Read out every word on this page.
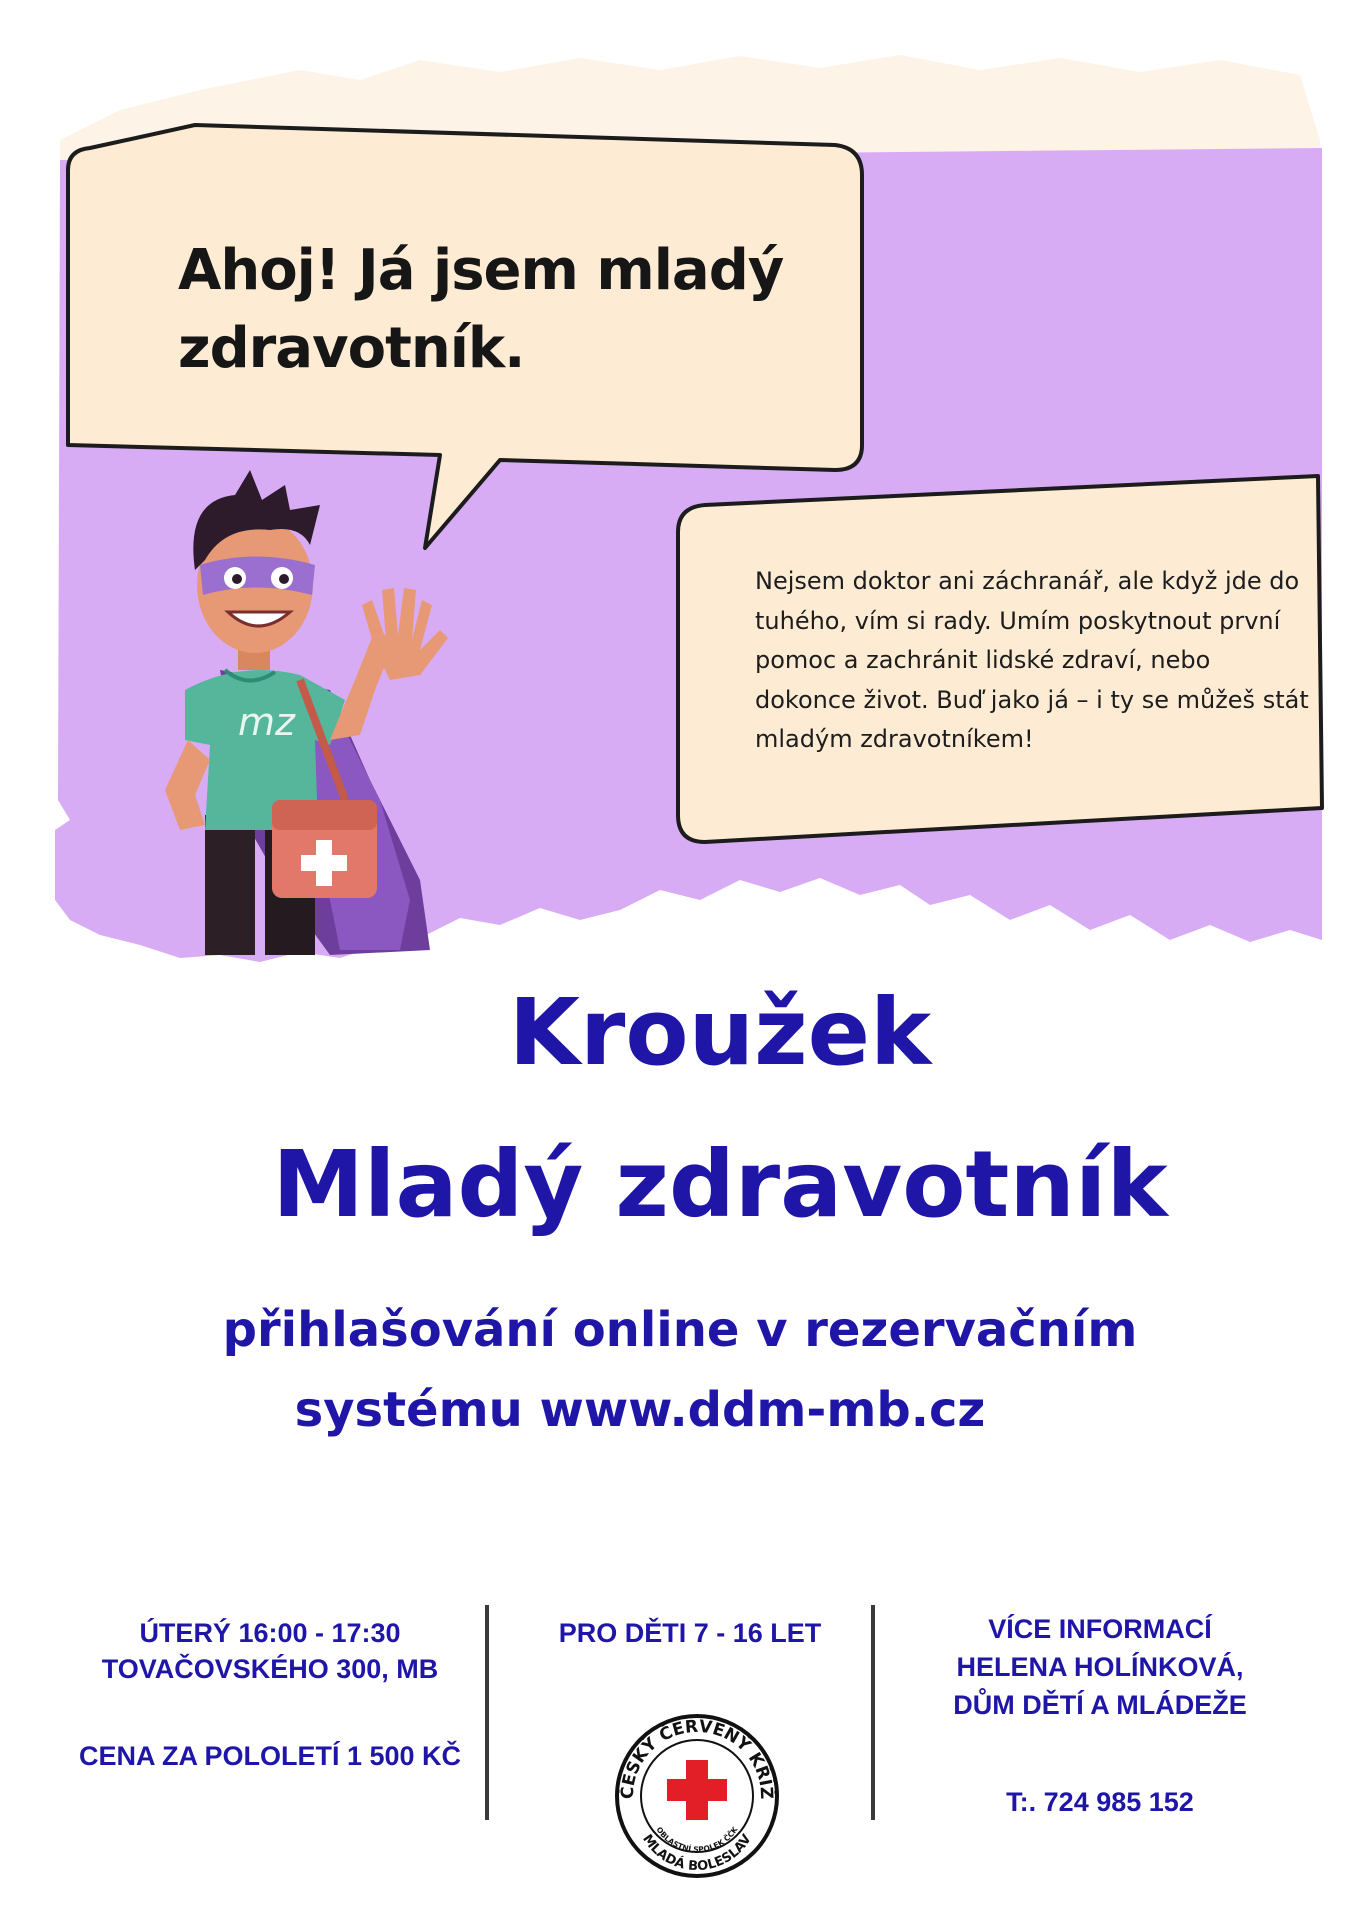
mz
Ahoj! Já jsem mladý zdravotník.
Nejsem doktor ani záchranář, ale když jde do tuhého, vím si rady. Umím poskytnout první pomoc a zachránit lidské zdraví, nebo dokonce život. Buď jako já – i ty se můžeš stát mladým zdravotníkem!
Kroužek
Mladý zdravotník
přihlašování online v rezervačním
systému www.ddm-mb.cz
ÚTERÝ 16:00 - 17:30
TOVAČOVSKÉHO 300, MB
CENA ZA POLOLETÍ 1 500 KČ
PRO DĚTI 7 - 16 LET	VÍCE INFORMACÍ
HELENA HOLÍNKOVÁ,
DŮM DĚTÍ A MLÁDEŽE
T:. 724 985 152
ČESKÝ ČERVENÝ KŘÍŽ
OBLASTNÍ SPOLEK ČČK
MLADÁ BOLESLAV
